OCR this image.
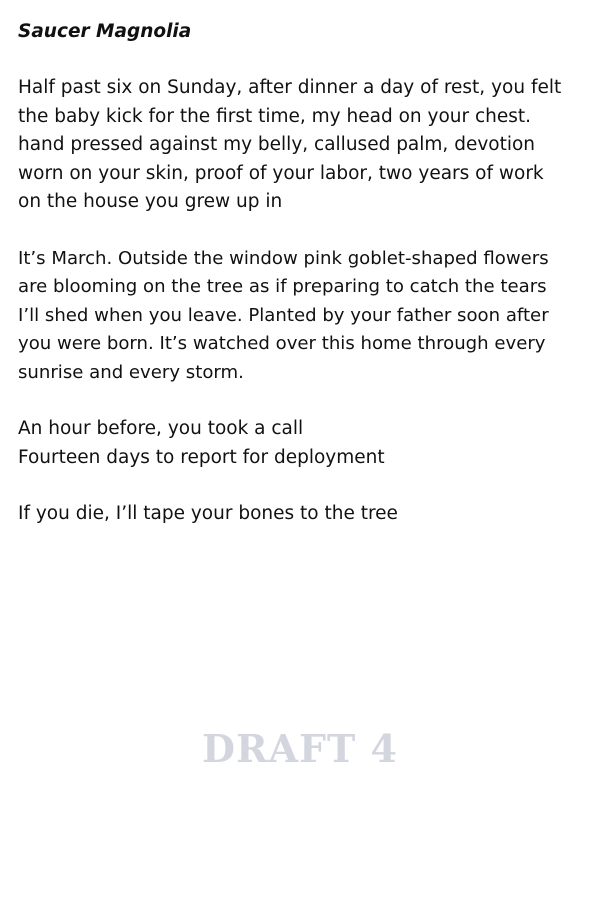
Saucer Magnolia
Half past six on Sunday, after dinner a day of rest, you felt
the baby kick for the first time, my head on your chest.
hand pressed against my belly, callused palm, devotion
worn on your skin, proof of your labor, two years of work
on the house you grew up in
It’s March. Outside the window pink goblet-shaped flowers
are blooming on the tree as if preparing to catch the tears
I’ll shed when you leave. Planted by your father soon after
you were born. It’s watched over this home through every
sunrise and every storm.
An hour before, you took a call
Fourteen days to report for deployment
If you die, I’ll tape your bones to the tree
DRAFT 4
